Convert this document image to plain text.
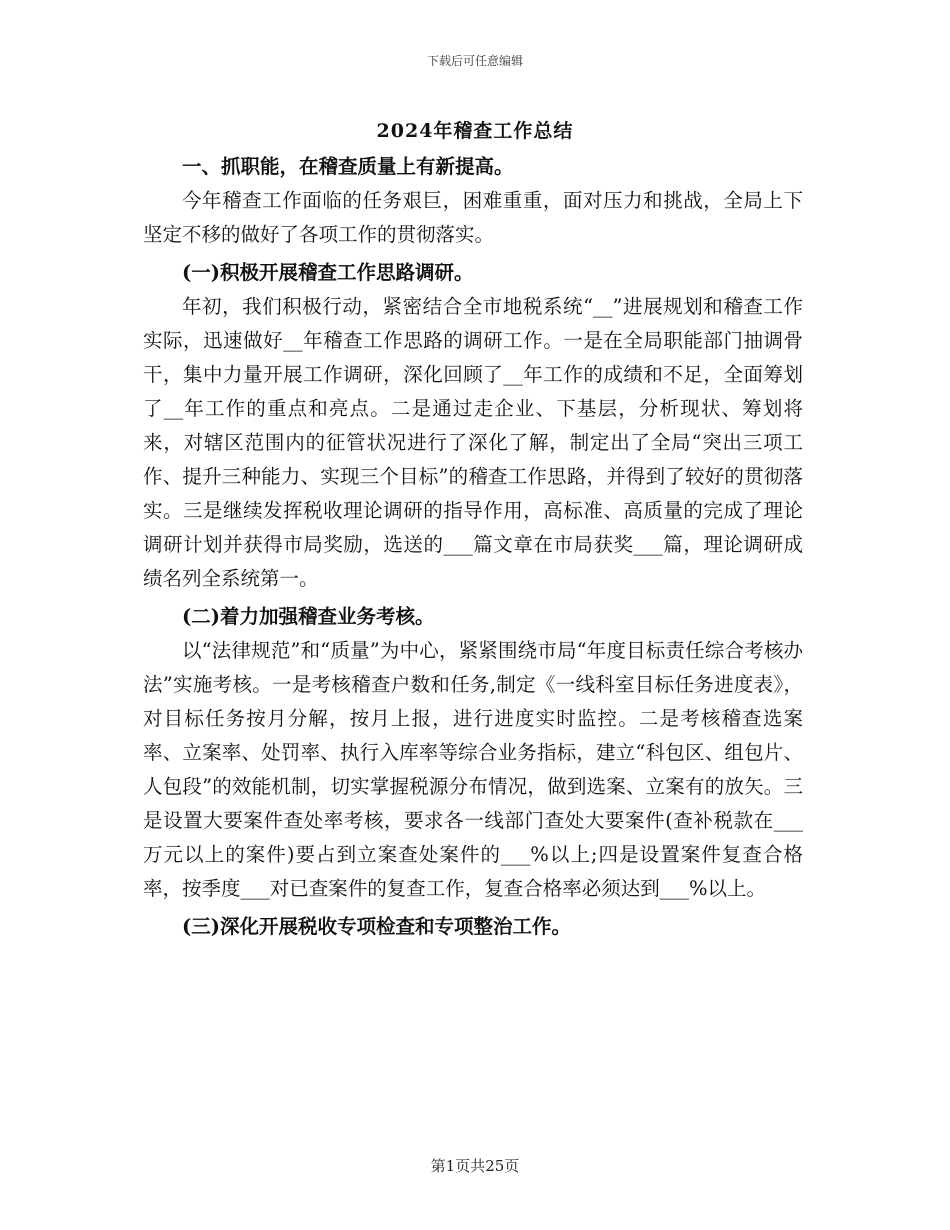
下载后可任意编辑
2024年稽查工作总结
一、抓职能，在稽查质量上有新提高。

今年稽查工作面临的任务艰巨，困难重重，面对压力和挑战，全局上下坚定不移的做好了各项工作的贯彻落实。

(一)积极开展稽查工作思路调研。

年初，我们积极行动，紧密结合全市地税系统“__”进展规划和稽查工作实际，迅速做好__年稽查工作思路的调研工作。一是在全局职能部门抽调骨干，集中力量开展工作调研，深化回顾了__年工作的成绩和不足，全面筹划了__年工作的重点和亮点。二是通过走企业、下基层，分析现状、筹划将来，对辖区范围内的征管状况进行了深化了解，制定出了全局“突出三项工作、提升三种能力、实现三个目标”的稽查工作思路，并得到了较好的贯彻落实。三是继续发挥税收理论调研的指导作用，高标准、高质量的完成了理论调研计划并获得市局奖励，选送的___篇文章在市局获奖___篇，理论调研成绩名列全系统第一。

(二)着力加强稽查业务考核。

以“法律规范”和“质量”为中心，紧紧围绕市局“年度目标责任综合考核办法”实施考核。一是考核稽查户数和任务,制定《一线科室目标任务进度表》，对目标任务按月分解，按月上报，进行进度实时监控。二是考核稽查选案率、立案率、处罚率、执行入库率等综合业务指标，建立“科包区、组包片、人包段”的效能机制，切实掌握税源分布情况，做到选案、立案有的放矢。三是设置大要案件查处率考核，要求各一线部门查处大要案件(查补税款在___万元以上的案件)要占到立案查处案件的___%以上;四是设置案件复查合格率，按季度___对已查案件的复查工作，复查合格率必须达到___%以上。

(三)深化开展税收专项检查和专项整治工作。
第1页共25页
